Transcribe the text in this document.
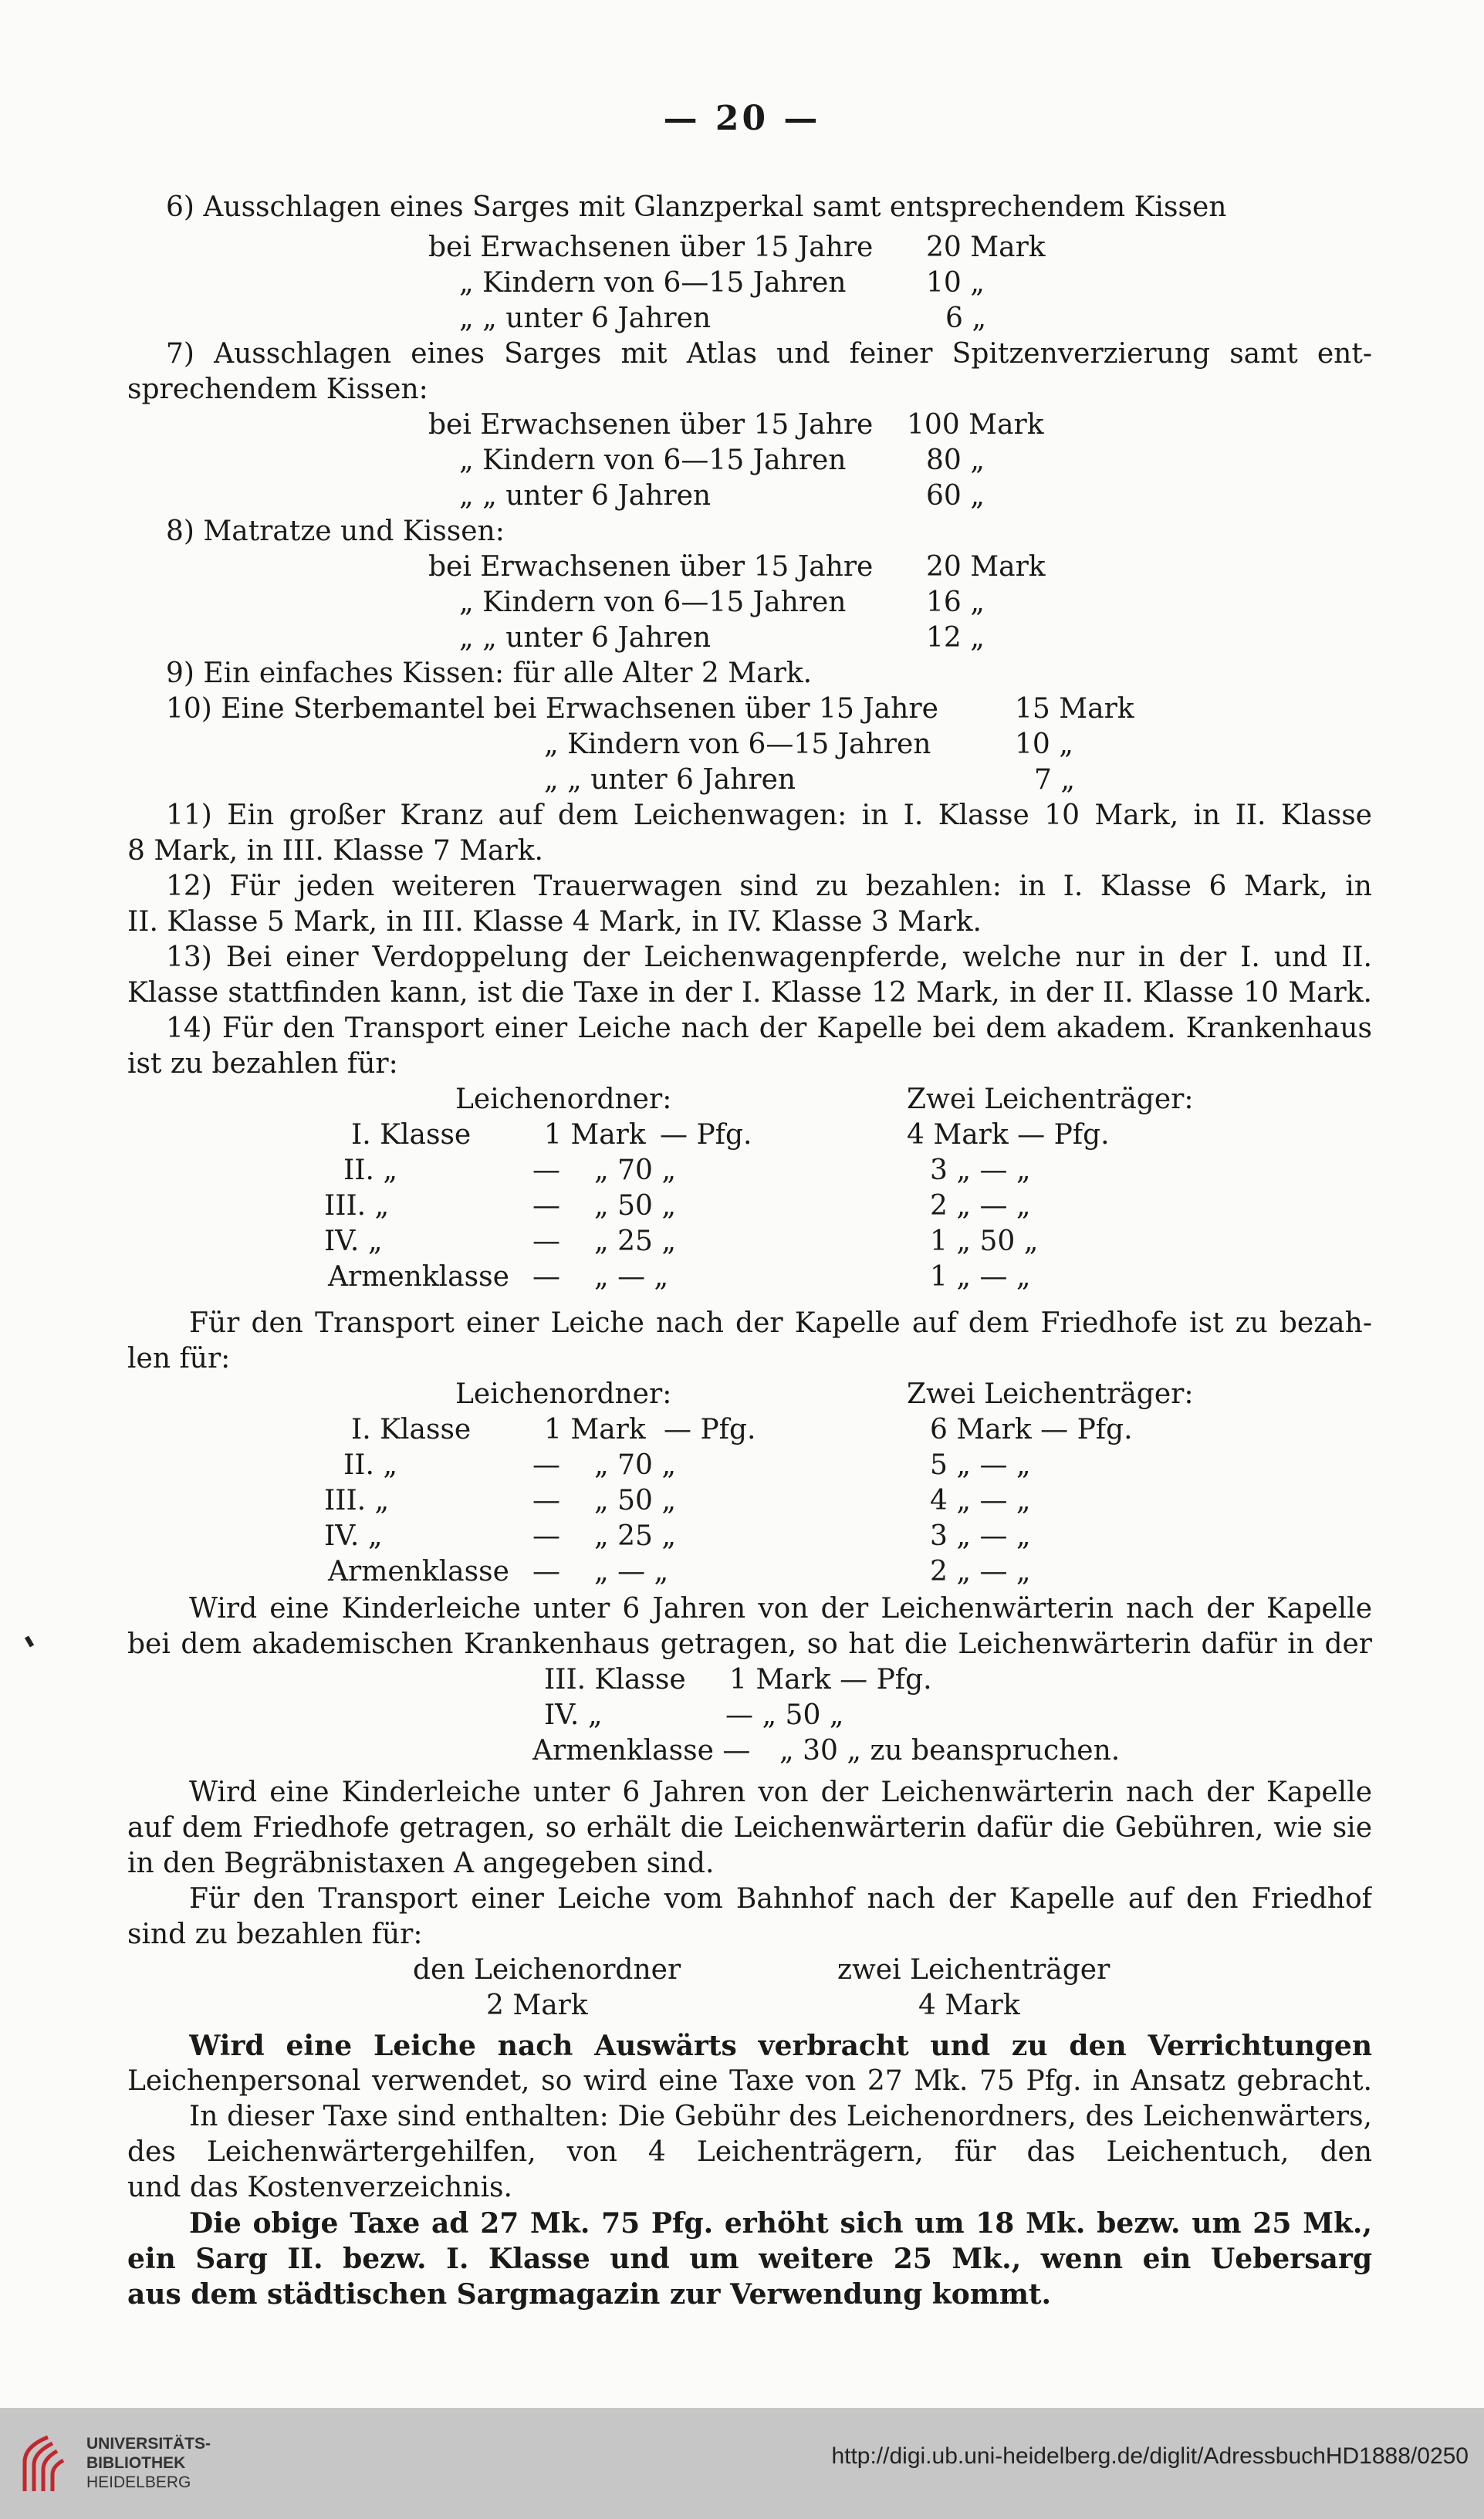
— 20 —
6) Ausschlagen eines Sarges mit Glanzperkal samt entsprechendem Kissen
bei Erwachsenen über 15 Jahre 20 Mark
„ Kindern von 6—15 Jahren	10 „
„ „ unter 6 Jahren	6 „
7) Ausschlagen eines Sarges mit Atlas und feiner Spitzenverzierung samt ent-
sprechendem Kissen:
bei Erwachsenen über 15 Jahre 100 Mark
„ Kindern von 6—15 Jahren	80 „
„ „ unter 6 Jahren	60 „
8) Matratze und Kissen:
bei Erwachsenen über 15 Jahre 20 Mark
„ Kindern von 6—15 Jahren	16 „
„ „ unter 6 Jahren	12 „
9) Ein einfaches Kissen: für alle Alter 2 Mark.
10) Eine Sterbemantel bei Erwachsenen über 15 Jahre	15 Mark
„ Kindern von 6—15 Jahren	10 „
„ „ unter 6 Jahren	7 „
11) Ein großer Kranz auf dem Leichenwagen: in I. Klasse 10 Mark, in II. Klasse
8 Mark, in III. Klasse 7 Mark.
12) Für jeden weiteren Trauerwagen sind zu bezahlen: in I. Klasse 6 Mark, in
II. Klasse 5 Mark, in III. Klasse 4 Mark, in IV. Klasse 3 Mark.
13) Bei einer Verdoppelung der Leichenwagenpferde, welche nur in der I. und II.
Klasse stattfinden kann, ist die Taxe in der I. Klasse 12 Mark, in der II. Klasse 10 Mark.
14) Für den Transport einer Leiche nach der Kapelle bei dem akadem. Krankenhaus
ist zu bezahlen für:
Leichenordner:	Zwei Leichenträger:
I. Klasse	1 Mark — Pfg.	4 Mark — Pfg.
II. „	— „ 70 „	3 „ — „
III. „	— „ 50 „	2 „ — „
IV. „	— „ 25 „	1 „ 50 „
Armenklasse — „ — „	1 „ — „
Für den Transport einer Leiche nach der Kapelle auf dem Friedhofe ist zu bezah-
len für:
Leichenordner:	Zwei Leichenträger:
I. Klasse	1 Mark — Pfg.	6 Mark — Pfg.
II. „	— „ 70 „	5 „ — „
III. „	— „ 50 „	4 „ — „
IV. „	— „ 25 „	3 „ — „
Armenklasse — „ — „	2 „ — „
Wird eine Kinderleiche unter 6 Jahren von der Leichenwärterin nach der Kapelle
bei dem akademischen Krankenhaus getragen, so hat die Leichenwärterin dafür in der
III. Klasse 1 Mark — Pfg.
IV. „	— „ 50 „
Armenklasse — „ 30 „ zu beanspruchen.
Wird eine Kinderleiche unter 6 Jahren von der Leichenwärterin nach der Kapelle
auf dem Friedhofe getragen, so erhält die Leichenwärterin dafür die Gebühren, wie sie
in den Begräbnistaxen A angegeben sind.
Für den Transport einer Leiche vom Bahnhof nach der Kapelle auf den Friedhof
sind zu bezahlen für:
den Leichenordner	zwei Leichenträger
2 Mark	4 Mark
Wird eine Leiche nach Auswärts verbracht und zu den Verrichtungen
Leichenpersonal verwendet, so wird eine Taxe von 27 Mk. 75 Pfg. in Ansatz gebracht.
In dieser Taxe sind enthalten: Die Gebühr des Leichenordners, des Leichenwärters,
des Leichenwärtergehilfen, von 4 Leichenträgern, für das Leichentuch, den
und das Kostenverzeichnis.
Die obige Taxe ad 27 Mk. 75 Pfg. erhöht sich um 18 Mk. bezw. um 25 Mk.,
ein Sarg II. bezw. I. Klasse und um weitere 25 Mk., wenn ein Uebersarg
aus dem städtischen Sargmagazin zur Verwendung kommt.
UNIVERSITÄTS-
BIBLIOTHEK
HEIDELBERG
http://digi.ub.uni-heidelberg.de/diglit/AdressbuchHD1888/0250
